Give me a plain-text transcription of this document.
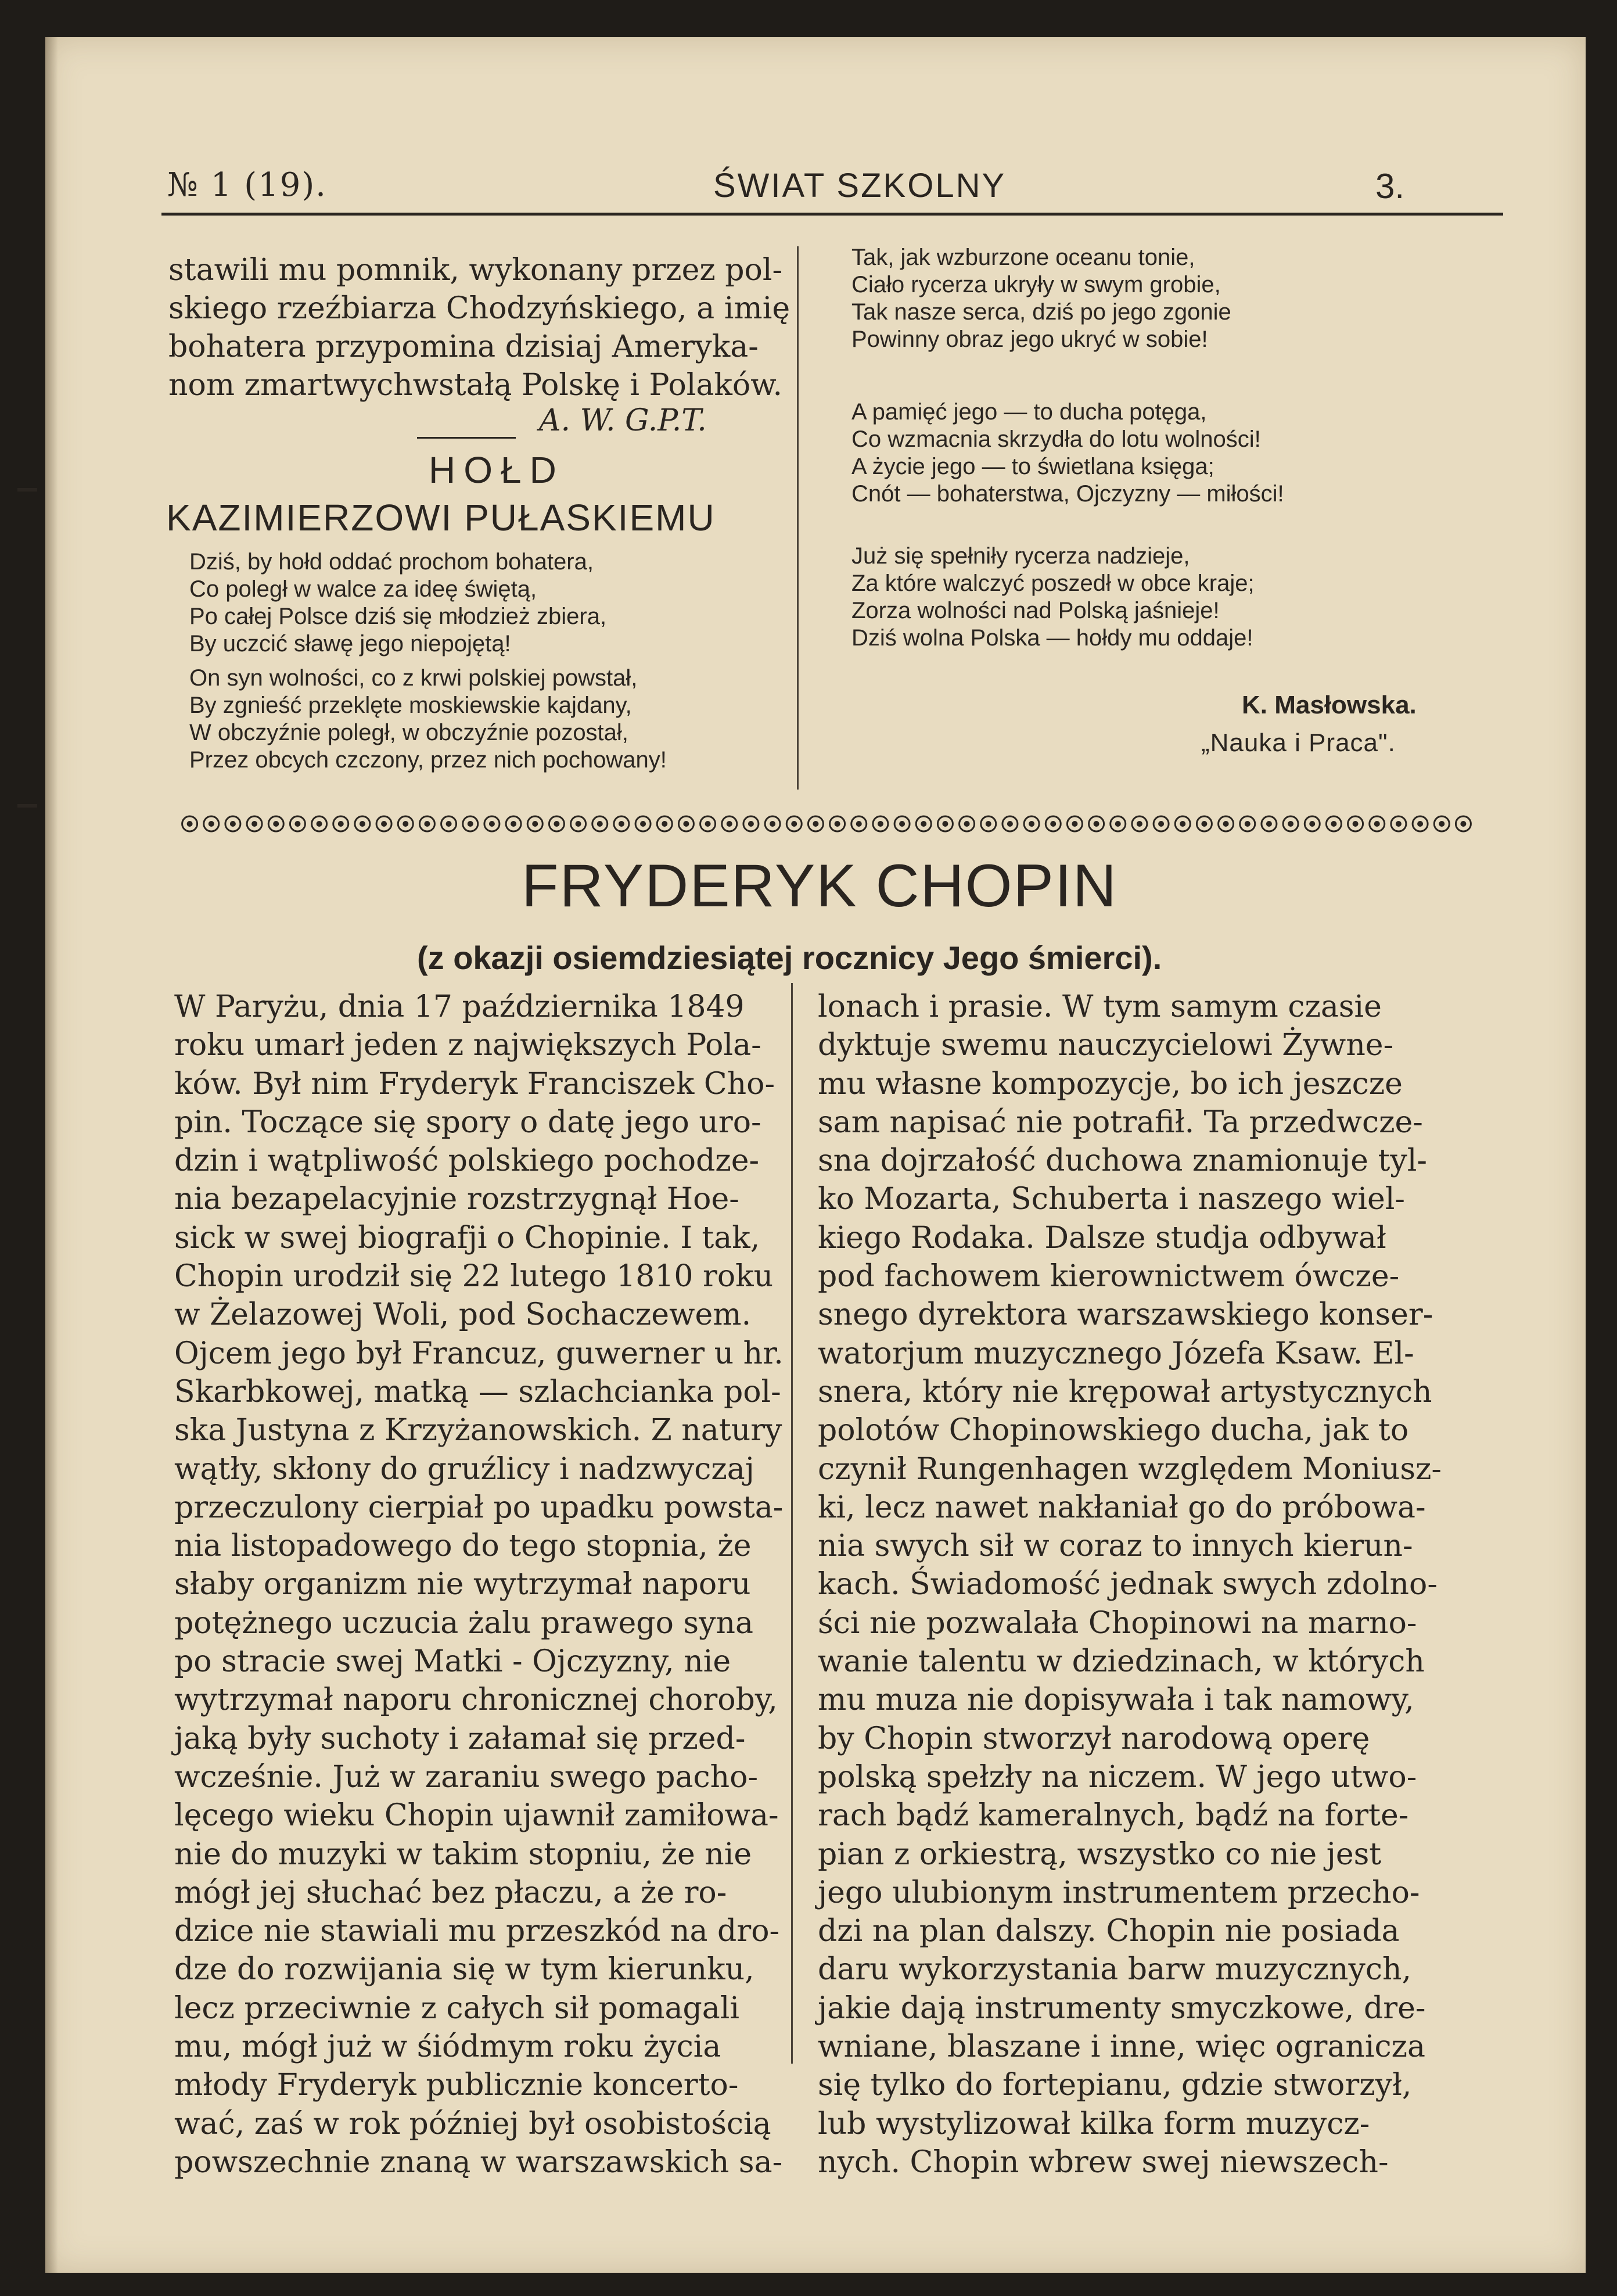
№ 1 (19).	ŚWIAT SZKOLNY	3.
stawili mu pomnik, wykonany przez pol-
skiego rzeźbiarza Chodzyńskiego, a imię
bohatera przypomina dzisiaj Ameryka-
nom zmartwychwstałą Polskę i Polaków.
A. W. G.P.T.
HOŁD
KAZIMIERZOWI PUŁASKIEMU
Dziś, by hołd oddać prochom bohatera,
Co poległ w walce za ideę świętą,
Po całej Polsce dziś się młodzież zbiera,
By uczcić sławę jego niepojętą!
On syn wolności, co z krwi polskiej powstał,
By zgnieść przeklęte moskiewskie kajdany,
W obczyźnie poległ, w obczyźnie pozostał,
Przez obcych czczony, przez nich pochowany!
Tak, jak wzburzone oceanu tonie,
Ciało rycerza ukryły w swym grobie,
Tak nasze serca, dziś po jego zgonie
Powinny obraz jego ukryć w sobie!
A pamięć jego — to ducha potęga,
Co wzmacnia skrzydła do lotu wolności!
A życie jego — to świetlana księga;
Cnót — bohaterstwa, Ojczyzny — miłości!
Już się spełniły rycerza nadzieje,
Za które walczyć poszedł w obce kraje;
Zorza wolności nad Polską jaśnieje!
Dziś wolna Polska — hołdy mu oddaje!
K. Masłowska.
„Nauka i Praca".
FRYDERYK CHOPIN
(z okazji osiemdziesiątej rocznicy Jego śmierci).
W Paryżu, dnia 17 października 1849
roku umarł jeden z największych Pola-
ków. Był nim Fryderyk Franciszek Cho-
pin. Toczące się spory o datę jego uro-
dzin i wątpliwość polskiego pochodze-
nia bezapelacyjnie rozstrzygnął Hoe-
sick w swej biografji o Chopinie. I tak,
Chopin urodził się 22 lutego 1810 roku
w Żelazowej Woli, pod Sochaczewem.
Ojcem jego był Francuz, guwerner u hr.
Skarbkowej, matką — szlachcianka pol-
ska Justyna z Krzyżanowskich. Z natury
wątły, skłony do gruźlicy i nadzwyczaj
przeczulony cierpiał po upadku powsta-
nia listopadowego do tego stopnia, że
słaby organizm nie wytrzymał naporu
potężnego uczucia żalu prawego syna
po stracie swej Matki - Ojczyzny, nie
wytrzymał naporu chronicznej choroby,
jaką były suchoty i załamał się przed-
wcześnie. Już w zaraniu swego pacho-
lęcego wieku Chopin ujawnił zamiłowa-
nie do muzyki w takim stopniu, że nie
mógł jej słuchać bez płaczu, a że ro-
dzice nie stawiali mu przeszkód na dro-
dze do rozwijania się w tym kierunku,
lecz przeciwnie z całych sił pomagali
mu, mógł już w śiódmym roku życia
młody Fryderyk publicznie koncerto-
wać, zaś w rok później był osobistością
powszechnie znaną w warszawskich sa-
lonach i prasie. W tym samym czasie
dyktuje swemu nauczycielowi Żywne-
mu własne kompozycje, bo ich jeszcze
sam napisać nie potrafił. Ta przedwcze-
sna dojrzałość duchowa znamionuje tyl-
ko Mozarta, Schuberta i naszego wiel-
kiego Rodaka. Dalsze studja odbywał
pod fachowem kierownictwem ówcze-
snego dyrektora warszawskiego konser-
watorjum muzycznego Józefa Ksaw. El-
snera, który nie krępował artystycznych
polotów Chopinowskiego ducha, jak to
czynił Rungenhagen względem Moniusz-
ki, lecz nawet nakłaniał go do próbowa-
nia swych sił w coraz to innych kierun-
kach. Świadomość jednak swych zdolno-
ści nie pozwalała Chopinowi na marno-
wanie talentu w dziedzinach, w których
mu muza nie dopisywała i tak namowy,
by Chopin stworzył narodową operę
polską spełzły na niczem. W jego utwo-
rach bądź kameralnych, bądź na forte-
pian z orkiestrą, wszystko co nie jest
jego ulubionym instrumentem przecho-
dzi na plan dalszy. Chopin nie posiada
daru wykorzystania barw muzycznych,
jakie dają instrumenty smyczkowe, dre-
wniane, blaszane i inne, więc ogranicza
się tylko do fortepianu, gdzie stworzył,
lub wystylizował kilka form muzycz-
nych. Chopin wbrew swej niewszech-
